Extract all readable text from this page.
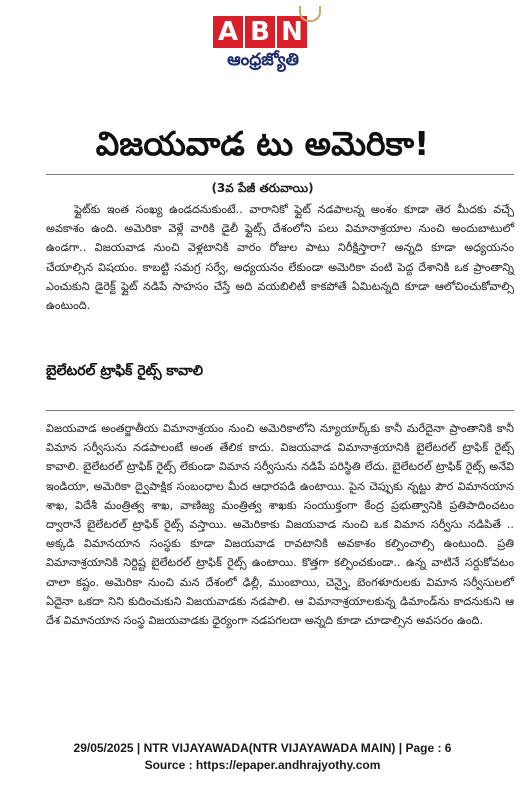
A B N
ఆంధ్రజ్యోతి
విజయవాడ టు అమెరికా!
(3వ పేజీ తరువాయి)
ఫ్లైట్‌కు ఇంత సంఖ్య ఉండదనుకుంటే.. వారానికో ఫ్లైట్ నడపాలన్న అంశం కూడా తెర మీదకు వచ్చే అవకాశం ఉంది. అమెరికా వెళ్లే వారికి డైలీ ఫ్లైట్స్ దేశంలోని పలు విమానాశ్రయాల నుంచి అందుబాటులో ఉండగా.. విజయవాడ నుంచి వెళ్లటానికి వారం రోజుల పాటు నిరీక్షిస్తారా? అన్నది కూడా అధ్యయనం చేయాల్సిన విషయం. కాబట్టి సమగ్ర సర్వే, అధ్యయనం లేకుండా అమెరికా వంటి పెద్ద దేశానికి ఒక ప్రాంతాన్ని ఎంచుకుని డైరెక్ట్ ఫ్లైట్ నడిపే సాహసం చేస్తే అది వయబిలిటీ కాకపోతే ఏమిటన్నది కూడా ఆలోచించుకోవాల్సి ఉంటుంది.
బైలేటరల్ ట్రాఫిక్ రైట్స్ కావాలి
విజయవాడ అంతర్జాతీయ విమానాశ్రయం నుంచి అమెరికాలోని న్యూయార్క్‌కు కానీ మరేదైనా ప్రాంతానికి కానీ విమాన సర్వీసును నడపాలంటే అంత తేలిక కాదు. విజయవాడ విమానాశ్రయానికి బైలేటరల్ ట్రాఫిక్ రైట్స్ కావాలి. బైలేటరల్ ట్రాఫిక్ రైట్స్ లేకుండా విమాన సర్వీసును నడిపే పరిస్థితి లేదు. బైలేటరల్ ట్రాఫిక్ రైట్స్ అనేవి ఇండియా, అమెరికా ద్వైపాక్షిక సంబంధాల మీద ఆధారపడి ఉంటాయి. పైన చెప్పుకు న్నట్టు పౌర విమానయాన శాఖ, విదేశీ మంత్రిత్వ శాఖ, వాణిజ్య మంత్రిత్వ శాఖకు సంయుక్తంగా కేంద్ర ప్రభుత్వానికి ప్రతిపాదించటం ద్వారానే బైలేటరల్ ట్రాఫిక్ రైట్స్ వస్తాయి. అమెరికాకు విజయవాడ నుంచి ఒక విమాన సర్వీసు నడిపితే .. అక్కడి విమానయాన సంస్థకు కూడా విజయవాడ రావటానికి అవకాశం కల్పించాల్సి ఉంటుంది. ప్రతి విమానాశ్రయానికి నిర్దిష్ట బైలేటరల్ ట్రాఫిక్ రైట్స్ ఉంటాయి. కొత్తగా కల్పించకుండా.. ఉన్న వాటినే సర్దుకోవటం చాలా కష్టం. అమెరికా నుంచి మన దేశంలో ఢిల్లీ, ముంబాయి, చెన్నై, బెంగళూరులకు విమాన సర్వీసులలో ఏదైనా ఒకదా నిని కుదించుకుని విజయవాడకు నడపాలి. ఆ విమానాశ్రయాలకున్న డిమాండ్‌ను కాదనుకుని ఆ దేశ విమానయాన సంస్థ విజయవాడకు ధైర్యంగా నడపగలదా అన్నది కూడా చూడాల్సిన అవసరం ఉంది.
29/05/2025 | NTR VIJAYAWADA(NTR VIJAYAWADA MAIN) | Page : 6
Source : https://epaper.andhrajyothy.com
